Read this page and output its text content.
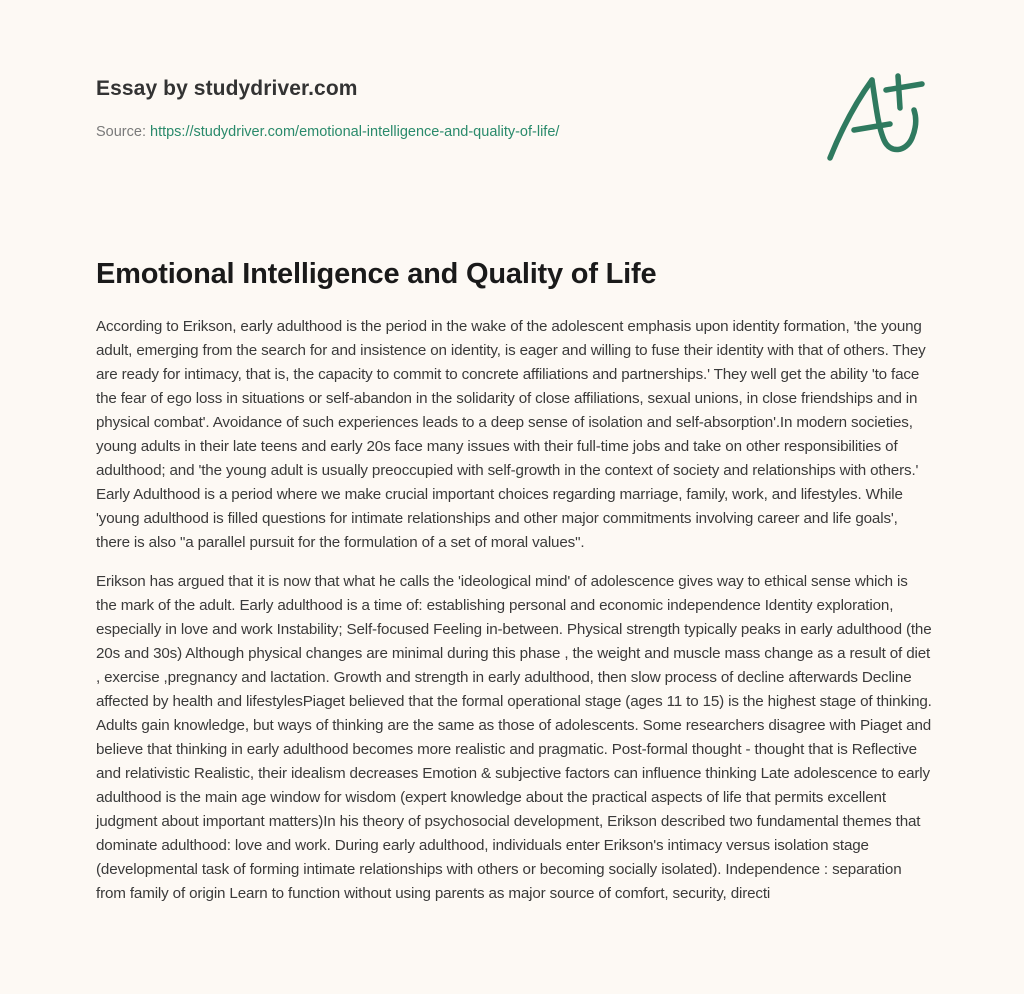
Essay by studydriver.com
Source: https://studydriver.com/emotional-intelligence-and-quality-of-life/
Emotional Intelligence and Quality of Life

According to Erikson, early adulthood is the period in the wake of the adolescent emphasis upon identity formation, 'the young adult, emerging from the search for and insistence on identity, is eager and willing to fuse their identity with that of others. They are ready for intimacy, that is, the capacity to commit to concrete affiliations and partnerships.' They well get the ability 'to face the fear of ego loss in situations or self-abandon in the solidarity of close affiliations, sexual unions, in close friendships and in physical combat'. Avoidance of such experiences leads to a deep sense of isolation and self-absorption'.In modern societies, young adults in their late teens and early 20s face many issues with their full-time jobs and take on other responsibilities of adulthood; and 'the young adult is usually preoccupied with self-growth in the context of society and relationships with others.' Early Adulthood is a period where we make crucial important choices regarding marriage, family, work, and lifestyles. While 'young adulthood is filled questions for intimate relationships and other major commitments involving career and life goals', there is also "a parallel pursuit for the formulation of a set of moral values".

Erikson has argued that it is now that what he calls the 'ideological mind' of adolescence gives way to ethical sense which is the mark of the adult. Early adulthood is a time of: establishing personal and economic independence Identity exploration, especially in love and work Instability; Self-focused Feeling in-between. Physical strength typically peaks in early adulthood (the 20s and 30s) Although physical changes are minimal during this phase , the weight and muscle mass change as a result of diet , exercise ,pregnancy and lactation. Growth and strength in early adulthood, then slow process of decline afterwards Decline affected by health and lifestylesPiaget believed that the formal operational stage (ages 11 to 15) is the highest stage of thinking. Adults gain knowledge, but ways of thinking are the same as those of adolescents. Some researchers disagree with Piaget and believe that thinking in early adulthood becomes more realistic and pragmatic. Post-formal thought - thought that is Reflective and relativistic Realistic, their idealism decreases Emotion & subjective factors can influence thinking Late adolescence to early adulthood is the main age window for wisdom (expert knowledge about the practical aspects of life that permits excellent judgment about important matters)In his theory of psychosocial development, Erikson described two fundamental themes that dominate adulthood: love and work. During early adulthood, individuals enter Erikson's intimacy versus isolation stage (developmental task of forming intimate relationships with others or becoming socially isolated). Independence : separation from family of origin Learn to function without using parents as major source of comfort, security, directi
